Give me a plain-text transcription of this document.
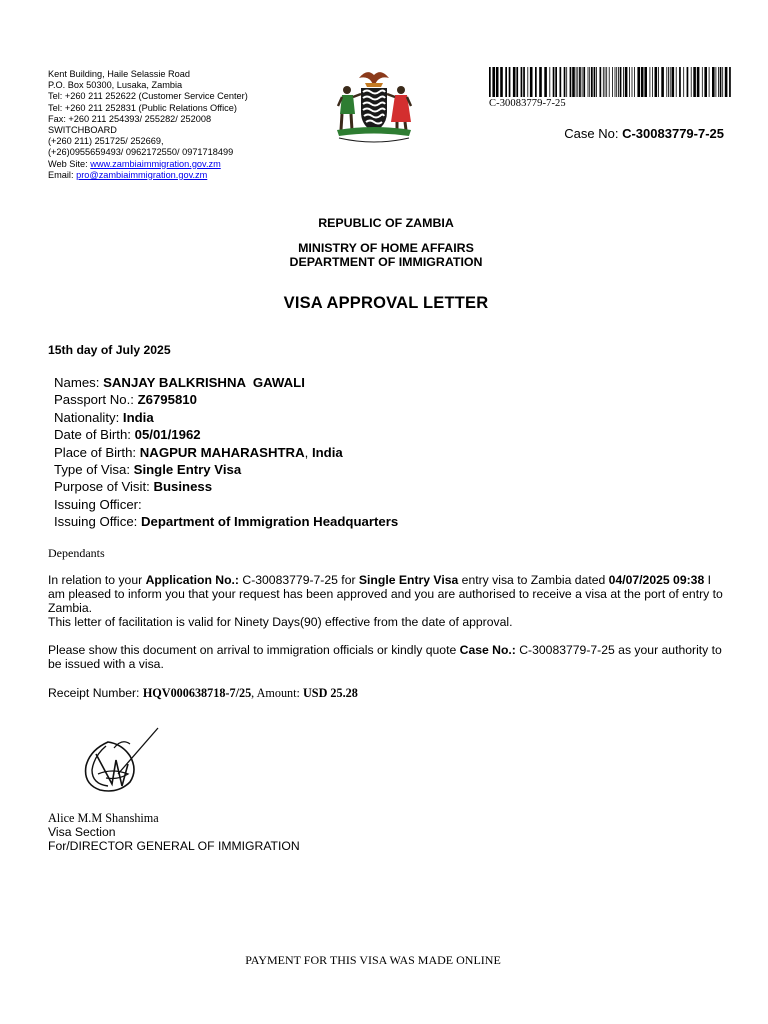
Kent Building, Haile Selassie Road
P.O. Box 50300, Lusaka, Zambia
Tel: +260 211 252622 (Customer Service Center)
Tel: +260 211 252831 (Public Relations Office)
Fax: +260 211 254393/ 255282/ 252008
SWITCHBOARD
(+260 211) 251725/ 252669,
(+26)0955659493/ 0962172550/ 0971718499
Web Site: www.zambiaimmigration.gov.zm
Email: pro@zambiaimmigration.gov.zm
C-30083779-7-25
Case No: C-30083779-7-25
REPUBLIC OF ZAMBIA
MINISTRY OF HOME AFFAIRS
DEPARTMENT OF IMMIGRATION
VISA APPROVAL LETTER
15th day of July 2025
Names: SANJAY BALKRISHNA  GAWALI
Passport No.: Z6795810
Nationality: India
Date of Birth: 05/01/1962
Place of Birth: NAGPUR MAHARASHTRA, India
Type of Visa: Single Entry Visa
Purpose of Visit: Business
Issuing Officer:
Issuing Office: Department of Immigration Headquarters
Dependants
In relation to your Application No.: C-30083779-7-25 for Single Entry Visa entry visa to Zambia dated 04/07/2025 09:38 I am pleased to inform you that your request has been approved and you are authorised to receive a visa at the port of entry to Zambia.
This letter of facilitation is valid for Ninety Days(90) effective from the date of approval.
Please show this document on arrival to immigration officials or kindly quote Case No.: C-30083779-7-25 as your authority to be issued with a visa.
Receipt Number: HQV000638718-7/25, Amount: USD 25.28
Alice M.M Shanshima
Visa Section
For/DIRECTOR GENERAL OF IMMIGRATION
PAYMENT FOR THIS VISA WAS MADE ONLINE
